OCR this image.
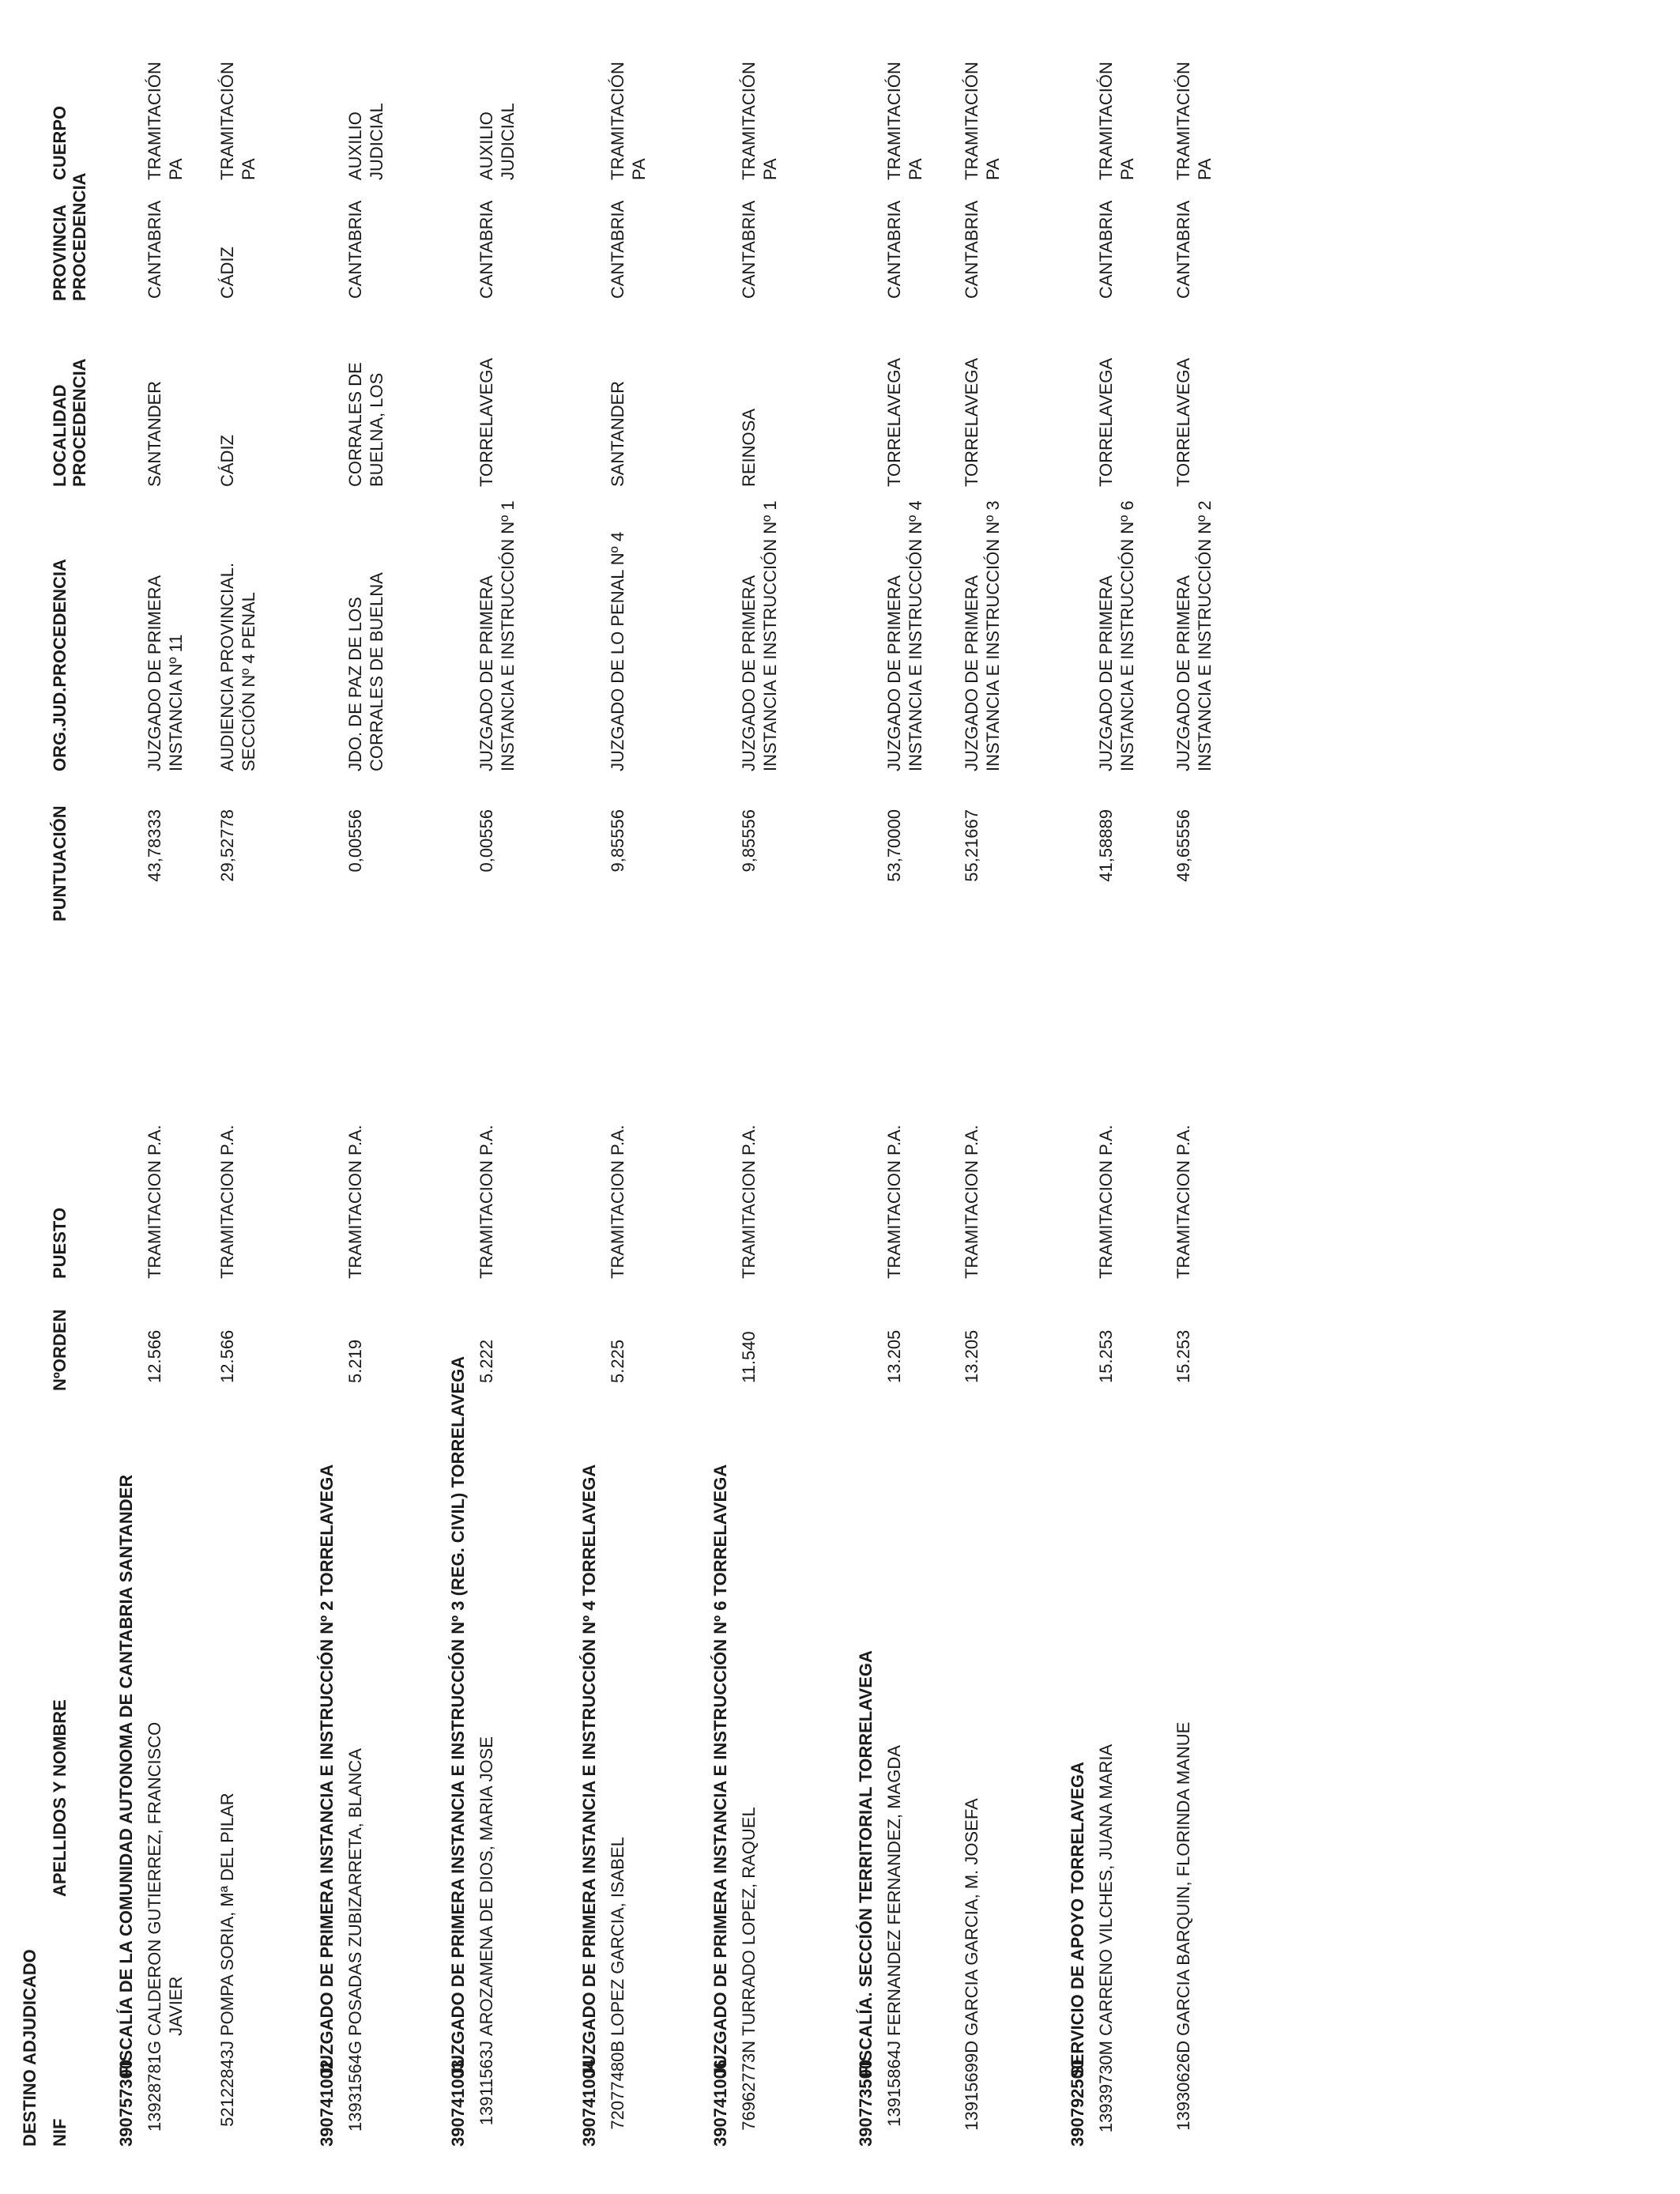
DESTINO ADJUDICADO NIF
APELLIDOS Y NOMBRE
NºORDEN
PUESTO
PUNTUACIÓN
ORG.JUD.PROCEDENCIA
LOCALIDAD PROCEDENCIA
PROVINCIA PROCEDENCIA
CUERPO
390757300
FISCALÍA DE LA COMUNIDAD AUTONOMA DE CANTABRIA SANTANDER
13928781G
CALDERON GUTIERREZ, FRANCISCO JAVIER
12.566
TRAMITACION P.A.
43,78333
JUZGADO DE PRIMERA INSTANCIA Nº 11
SANTANDER
CANTABRIA
TRAMITACIÓN PA
52122843J
POMPA SORIA, Mª DEL PILAR
12.566
TRAMITACION P.A.
29,52778
AUDIENCIA PROVINCIAL. SECCIÓN Nº 4 PENAL
CÁDIZ
CÁDIZ
TRAMITACIÓN PA
390741002
JUZGADO DE PRIMERA INSTANCIA E INSTRUCCIÓN Nº 2 TORRELAVEGA
13931564G
POSADAS ZUBIZARRETA, BLANCA
5.219
TRAMITACION P.A.
0,00556
JDO. DE PAZ DE LOS CORRALES DE BUELNA
CORRALES DE BUELNA, LOS
CANTABRIA
AUXILIO JUDICIAL
390741003
JUZGADO DE PRIMERA INSTANCIA E INSTRUCCIÓN Nº 3 (REG. CIVIL) TORRELAVEGA
13911563J
AROZAMENA DE DIOS, MARIA JOSE
5.222
TRAMITACION P.A.
0,00556
JUZGADO DE PRIMERA INSTANCIA E INSTRUCCIÓN Nº 1
TORRELAVEGA
CANTABRIA
AUXILIO JUDICIAL
390741004
JUZGADO DE PRIMERA INSTANCIA E INSTRUCCIÓN Nº 4 TORRELAVEGA
72077480B
LOPEZ GARCIA, ISABEL
5.225
TRAMITACION P.A.
9,85556
JUZGADO DE LO PENAL Nº 4
SANTANDER
CANTABRIA
TRAMITACIÓN PA
390741006
JUZGADO DE PRIMERA INSTANCIA E INSTRUCCIÓN Nº 6 TORRELAVEGA
76962773N
TURRADO LOPEZ, RAQUEL
11.540
TRAMITACION P.A.
9,85556
JUZGADO DE PRIMERA INSTANCIA E INSTRUCCIÓN Nº 1
REINOSA
CANTABRIA
TRAMITACIÓN PA
390773500
FISCALÍA. SECCIÓN TERRITORIAL TORRELAVEGA
13915864J
FERNANDEZ FERNANDEZ, MAGDA
13.205
TRAMITACION P.A.
53,70000
JUZGADO DE PRIMERA INSTANCIA E INSTRUCCIÓN Nº 4
TORRELAVEGA
CANTABRIA
TRAMITACIÓN PA
13915699D
GARCIA GARCIA, M. JOSEFA
13.205
TRAMITACION P.A.
55,21667
JUZGADO DE PRIMERA INSTANCIA E INSTRUCCIÓN Nº 3
TORRELAVEGA
CANTABRIA
TRAMITACIÓN PA
390792500
SERVICIO DE APOYO TORRELAVEGA
13939730M
CARRENO VILCHES, JUANA MARIA
15.253
TRAMITACION P.A.
41,58889
JUZGADO DE PRIMERA INSTANCIA E INSTRUCCIÓN Nº 6
TORRELAVEGA
CANTABRIA
TRAMITACIÓN PA
13930626D
GARCIA BARQUIN, FLORINDA MANUE
15.253
TRAMITACION P.A.
49,65556
JUZGADO DE PRIMERA INSTANCIA E INSTRUCCIÓN Nº 2
TORRELAVEGA
CANTABRIA
TRAMITACIÓN PA
